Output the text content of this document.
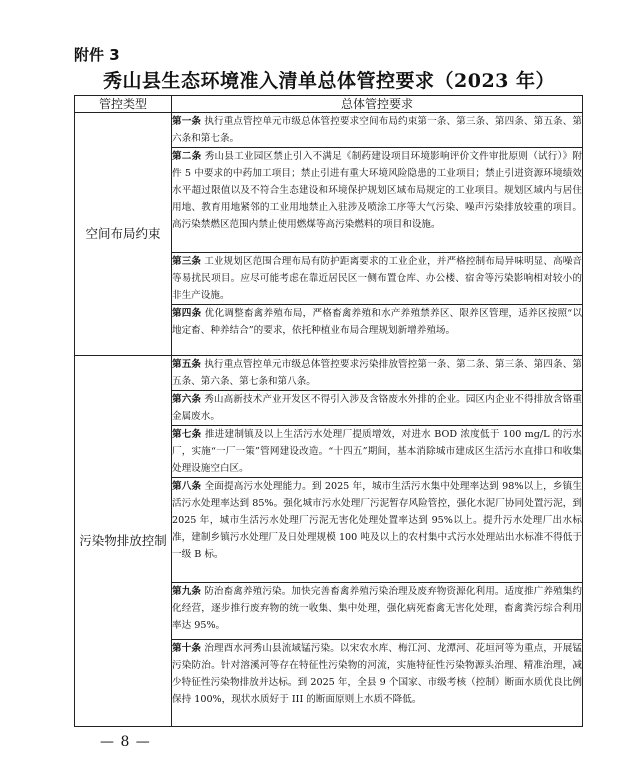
附件 3
秀山县生态环境准入清单总体管控要求（2023 年）
管控类型	总体管控要求
空间布局约束	第一条 执行重点管控单元市级总体管控要求空间布局约束第一条、第三条、第四条、第五条、第六条和第七条。
	第二条 秀山县工业园区禁止引入不满足《制药建设项目环境影响评价文件审批原则（试行）》附件 5 中要求的中药加工项目；禁止引进有重大环境风险隐患的工业项目；禁止引进资源环境绩效水平超过限值以及不符合生态建设和环境保护规划区域布局规定的工业项目。规划区域内与居住用地、教育用地紧邻的工业用地禁止入驻涉及喷涂工序等大气污染、噪声污染排放较重的项目。高污染禁燃区范围内禁止使用燃煤等高污染燃料的项目和设施。
	第三条 工业规划区范围合理布局有防护距离要求的工业企业，并严格控制布局异味明显、高噪音等易扰民项目。应尽可能考虑在靠近居民区一侧布置仓库、办公楼、宿舍等污染影响相对较小的非生产设施。
	第四条 优化调整畜禽养殖布局，严格畜禽养殖和水产养殖禁养区、限养区管理，适养区按照“以地定畜、种养结合”的要求，依托种植业布局合理规划新增养殖场。
污染物排放控制	第五条 执行重点管控单元市级总体管控要求污染排放管控第一条、第二条、第三条、第四条、第五条、第六条、第七条和第八条。
	第六条 秀山高新技术产业开发区不得引入涉及含铬废水外排的企业。园区内企业不得排放含铬重金属废水。
	第七条 推进建制镇及以上生活污水处理厂提质增效，对进水 BOD 浓度低于 100 mg/L 的污水厂，实施“一厂一策”管网建设改造。“十四五”期间，基本消除城市建成区生活污水直排口和收集处理设施空白区。
	第八条 全面提高污水处理能力。到 2025 年，城市生活污水集中处理率达到 98%以上，乡镇生活污水处理率达到 85%。强化城市污水处理厂污泥暂存风险管控，强化水泥厂协同处置污泥，到 2025 年，城市生活污水处理厂污泥无害化处理处置率达到 95%以上。提升污水处理厂出水标准，建制乡镇污水处理厂及日处理规模 100 吨及以上的农村集中式污水处理站出水标准不得低于一级 B 标。
	第九条 防治畜禽养殖污染。加快完善畜禽养殖污染治理及废弃物资源化利用。适度推广养殖集约化经营，逐步推行废弃物的统一收集、集中处理，强化病死畜禽无害化处理，畜禽粪污综合利用率达 95%。
	第十条 治理酉水河秀山县流域锰污染。以宋农水库、梅江河、龙潭河、花垣河等为重点，开展锰污染防治。针对溶溪河等存在特征性污染物的河流，实施特征性污染物源头治理、精准治理，减少特征性污染物排放并达标。到 2025 年，全县 9 个国家、市级考核（控制）断面水质优良比例保持 100%，现状水质好于 III 的断面原则上水质不降低。
— 8 —
